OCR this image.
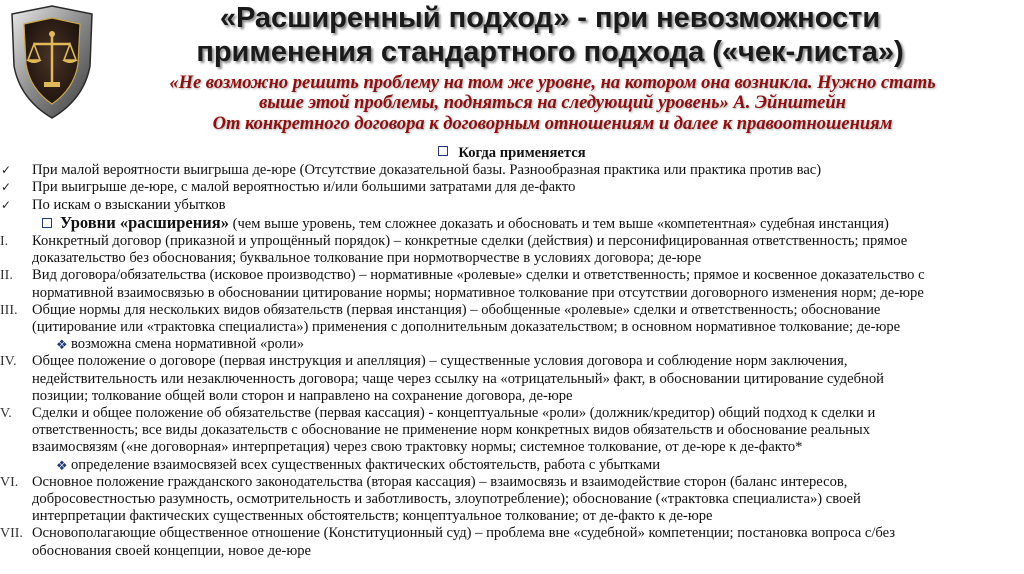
«Расширенный подход» - при невозможности
применения стандартного подхода («чек-листа»)
«Не возможно решить проблему на том же уровне, на котором она возникла. Нужно стать
выше этой проблемы, подняться на следующий уровень» А. Эйнштейн
От конкретного договора к договорным отношениям и далее к правоотношениям
Когда применяется
✓ При малой вероятности выигрыша де-юре (Отсутствие доказательной базы. Разнообразная практика или практика против вас)
✓ При выигрыше де-юре, с малой вероятностью и/или большими затратами для де-факто
✓ По искам о взыскании убытков
Уровни «расширения» (чем выше уровень, тем сложнее доказать и обосновать и тем выше «компетентная» судебная инстанция)
I. Конкретный договор (приказной и упрощённый порядок) – конкретные сделки (действия) и персонифицированная ответственность; прямое
доказательство без обоснования; буквальное толкование при нормотворчестве в условиях договора; де-юре
II. Вид договора/обязательства (исковое производство) – нормативные «ролевые» сделки и ответственность; прямое и косвенное доказательство с
нормативной взаимосвязью в обосновании цитирование нормы; нормативное толкование при отсутствии договорного изменения норм; де-юре
III. Общие нормы для нескольких видов обязательств (первая инстанция) – обобщенные «ролевые» сделки и ответственность; обоснование
(цитирование или «трактовка специалиста») применения с дополнительным доказательством; в основном нормативное толкование; де-юре
❖ возможна смена нормативной «роли»
IV. Общее положение о договоре (первая инструкция и апелляция) – существенные условия договора и соблюдение норм заключения,
недействительность или незаключенность договора; чаще через ссылку на «отрицательный» факт, в обосновании цитирование судебной
позиции; толкование общей воли сторон и направлено на сохранение договора, де-юре
V. Сделки и общее положение об обязательстве (первая кассация) - концептуальные «роли» (должник/кредитор) общий подход к сделки и
ответственность; все виды доказательств с обоснование не применение норм конкретных видов обязательств и обоснование реальных
взаимосвязям («не договорная» интерпретация) через свою трактовку нормы; системное толкование, от де-юре к де-факто*
❖ определение взаимосвязей всех существенных фактических обстоятельств, работа с убытками
VI. Основное положение гражданского законодательства (вторая кассация) – взаимосвязь и взаимодействие сторон (баланс интересов,
добросовестностью разумность, осмотрительность и заботливость, злоупотребление); обоснование («трактовка специалиста») своей
интерпретации фактических существенных обстоятельств; концептуальное толкование; от де-факто к де-юре
VII. Основополагающие общественное отношение (Конституционный суд) – проблема вне «судебной» компетенции; постановка вопроса с/без
обоснования своей концепции, новое де-юре
